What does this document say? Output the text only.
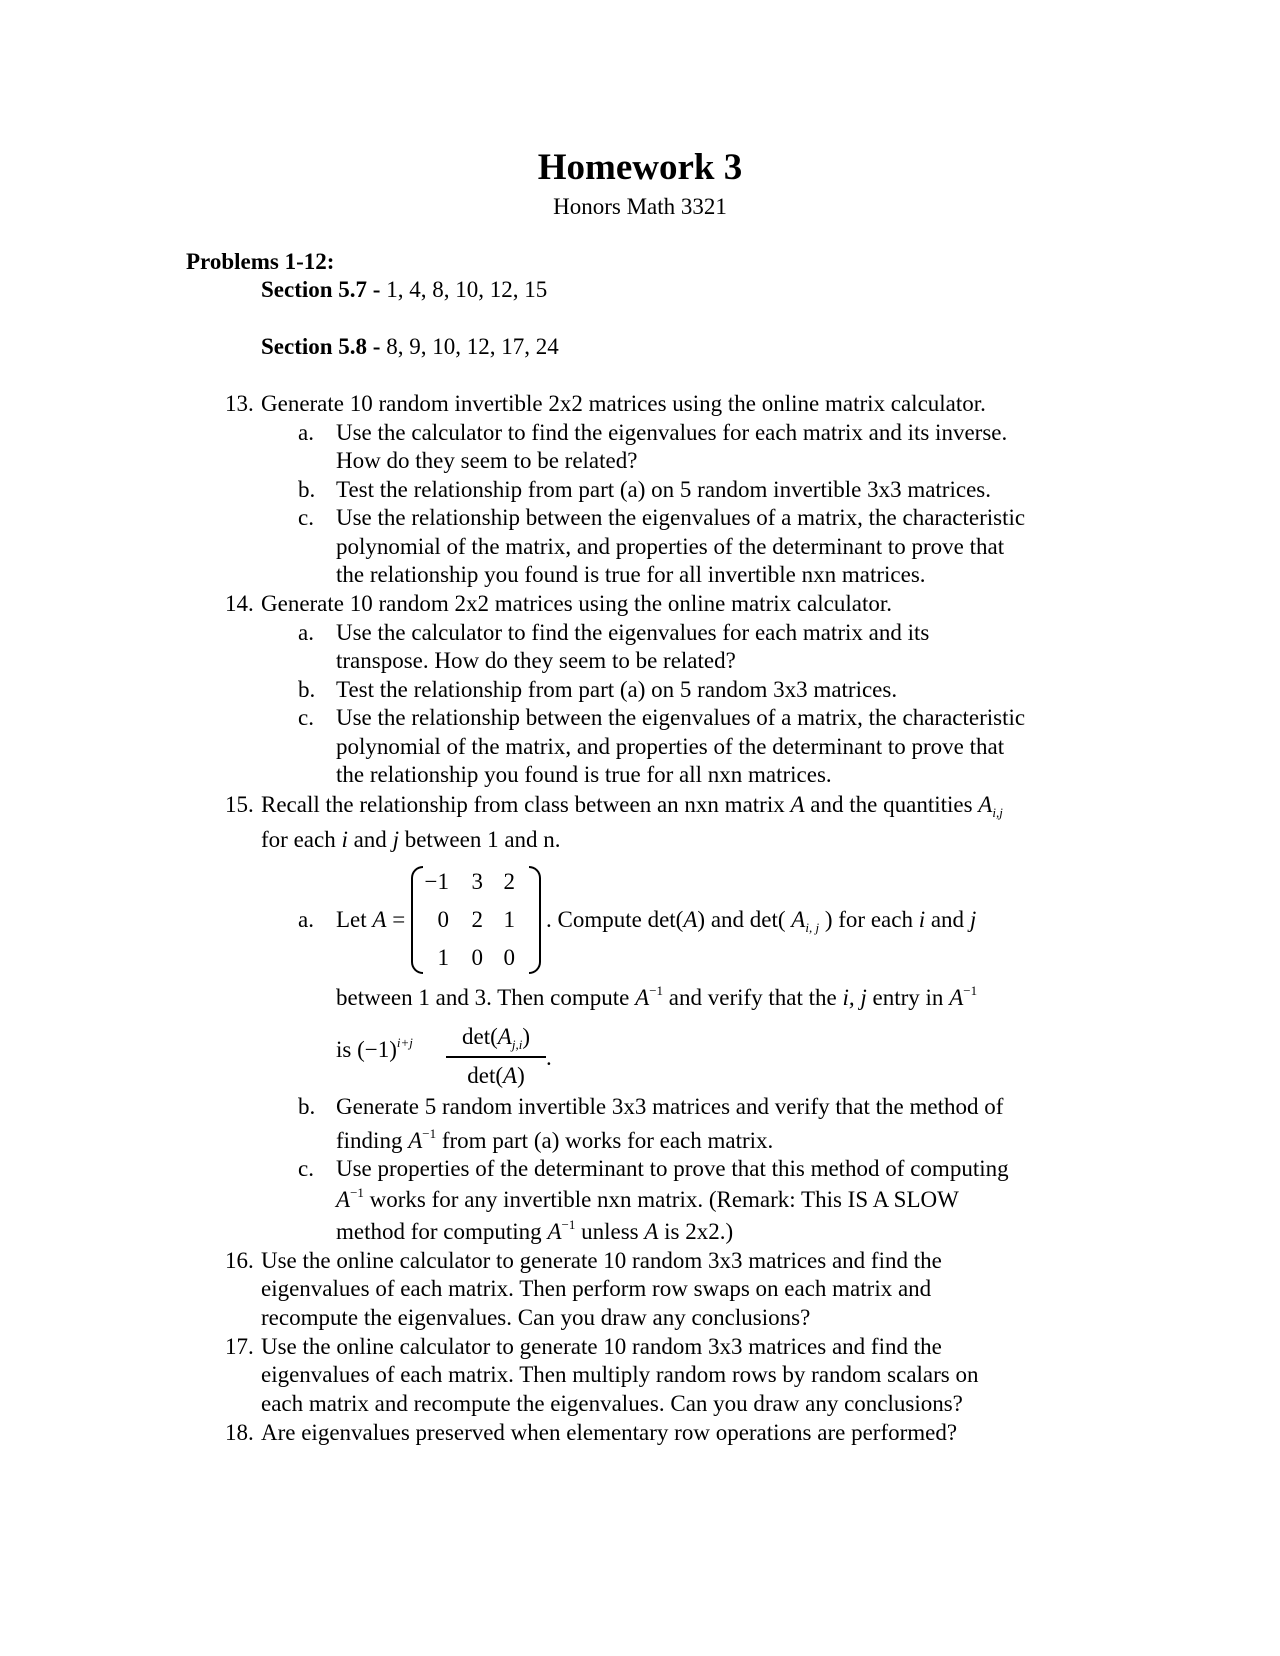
Homework 3
Honors Math 3321
Problems 1-12:
Section 5.7 - 1, 4, 8, 10, 12, 15
Section 5.8 - 8, 9, 10, 12, 17, 24
13. Generate 10 random invertible 2x2 matrices using the online matrix calculator.
a. Use the calculator to find the eigenvalues for each matrix and its inverse.
How do they seem to be related?
b. Test the relationship from part (a) on 5 random invertible 3x3 matrices.
c. Use the relationship between the eigenvalues of a matrix, the characteristic
polynomial of the matrix, and properties of the determinant to prove that
the relationship you found is true for all invertible nxn matrices.
14. Generate 10 random 2x2 matrices using the online matrix calculator.
a. Use the calculator to find the eigenvalues for each matrix and its
transpose. How do they seem to be related?
b. Test the relationship from part (a) on 5 random 3x3 matrices.
c. Use the relationship between the eigenvalues of a matrix, the characteristic
polynomial of the matrix, and properties of the determinant to prove that
the relationship you found is true for all nxn matrices.
15. Recall the relationship from class between an nxn matrix A and the quantities $A_{i,j}$
for each i and j between 1 and n.
a. Let A =
−1 3 2
0 2 1
1 0 0
. Compute det(A) and det( $A_{i, j}$ ) for each i and j
between 1 and 3. Then compute $A^{-1}$ and verify that the i, j entry in $A^{-1}$
is $(-1)^{i+j}$	$\det(A_{j,i})$
det(A)
.
b. Generate 5 random invertible 3x3 matrices and verify that the method of
finding $A^{-1}$ from part (a) works for each matrix.
c. Use properties of the determinant to prove that this method of computing
$A^{-1}$ works for any invertible nxn matrix. (Remark: This IS A SLOW
method for computing $A^{-1}$ unless A is 2x2.)
16. Use the online calculator to generate 10 random 3x3 matrices and find the
eigenvalues of each matrix. Then perform row swaps on each matrix and
recompute the eigenvalues. Can you draw any conclusions?
17. Use the online calculator to generate 10 random 3x3 matrices and find the
eigenvalues of each matrix. Then multiply random rows by random scalars on
each matrix and recompute the eigenvalues. Can you draw any conclusions?
18. Are eigenvalues preserved when elementary row operations are performed?
